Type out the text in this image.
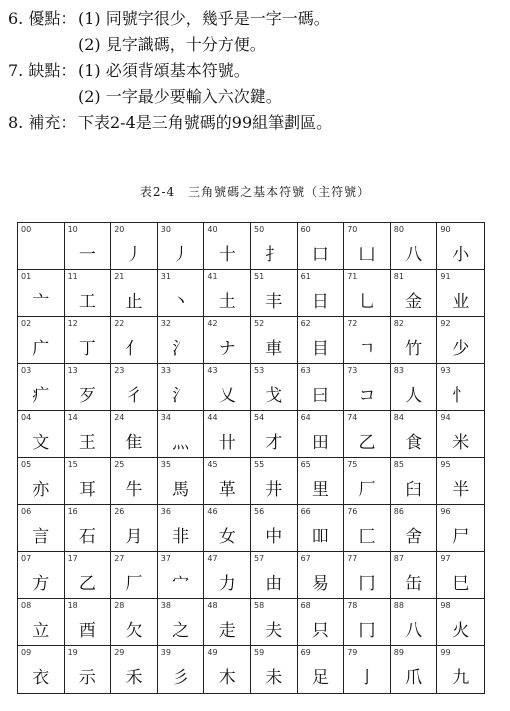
6. 優點： (1) 同號字很少，幾乎是一字一碼。
(2) 見字識碼，十分方便。
7. 缺點： (1) 必須背頌基本符號。
(2) 一字最少要輸入六次鍵。
8. 補充： 下表2-4是三角號碼的99組筆劃區。
表2-4　三角號碼之基本符號（主符號）
00	10
一
20
丿
30
丿
40
十
50
扌
60
口
70
凵
80
八
90
小
01
亠
11
工
21
止
31
丶
41
土
51
丰
61
日
71
乚
81
金
91
业
02
广
12
丁
22
亻
32
氵
42
ナ
52
車
62
目
72
ㄱ
82
竹
92
少
03
疒
13
歹
23
彳
33
氵
43
乂
53
戈
63
曰
73
コ
83
人
93
忄
04
文
14
王
24
隹
34
灬
44
卄
54
才
64
田
74
乙
84
食
94
米
05
亦
15
耳
25
牛
35
馬
45
革
55
井
65
里
75
厂
85
臼
95
半
06
言
16
石
26
月
36
非
46
女
56
中
66
吅
76
匚
86
舍
96
尸
07
方
17
乙
27
厂
37
宀
47
力
57
由
67
易
77
冂
87
缶
97
巳
08
立
18
酉
28
欠
38
之
48
走
58
夫
68
只
78
冂
88
八
98
火
09
衣
19
示
29
禾
39
彡
49
木
59
未
69
足
79
亅
89
爪
99
九
